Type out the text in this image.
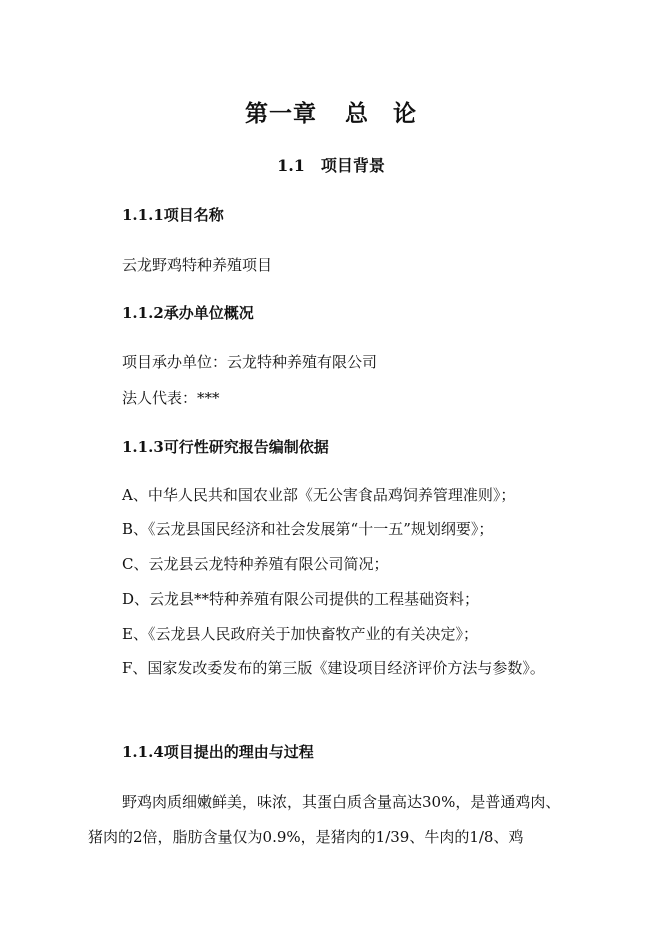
第一章 总　论
1.1 项目背景
1.1.1项目名称
云龙野鸡特种养殖项目
1.1.2承办单位概况
项目承办单位：云龙特种养殖有限公司
法人代表：***
1.1.3可行性研究报告编制依据
A、中华人民共和国农业部《无公害食品鸡饲养管理准则》；
B、《云龙县国民经济和社会发展第“十一五”规划纲要》；
C、云龙县云龙特种养殖有限公司简况；
D、云龙县**特种养殖有限公司提供的工程基础资料；
E、《云龙县人民政府关于加快畜牧产业的有关决定》；
F、国家发改委发布的第三版《建设项目经济评价方法与参数》。
1.1.4项目提出的理由与过程
野鸡肉质细嫩鲜美，味浓，其蛋白质含量高达30%，是普通鸡肉、
猪肉的2倍，脂肪含量仅为0.9%，是猪肉的1/39、牛肉的1/8、鸡
